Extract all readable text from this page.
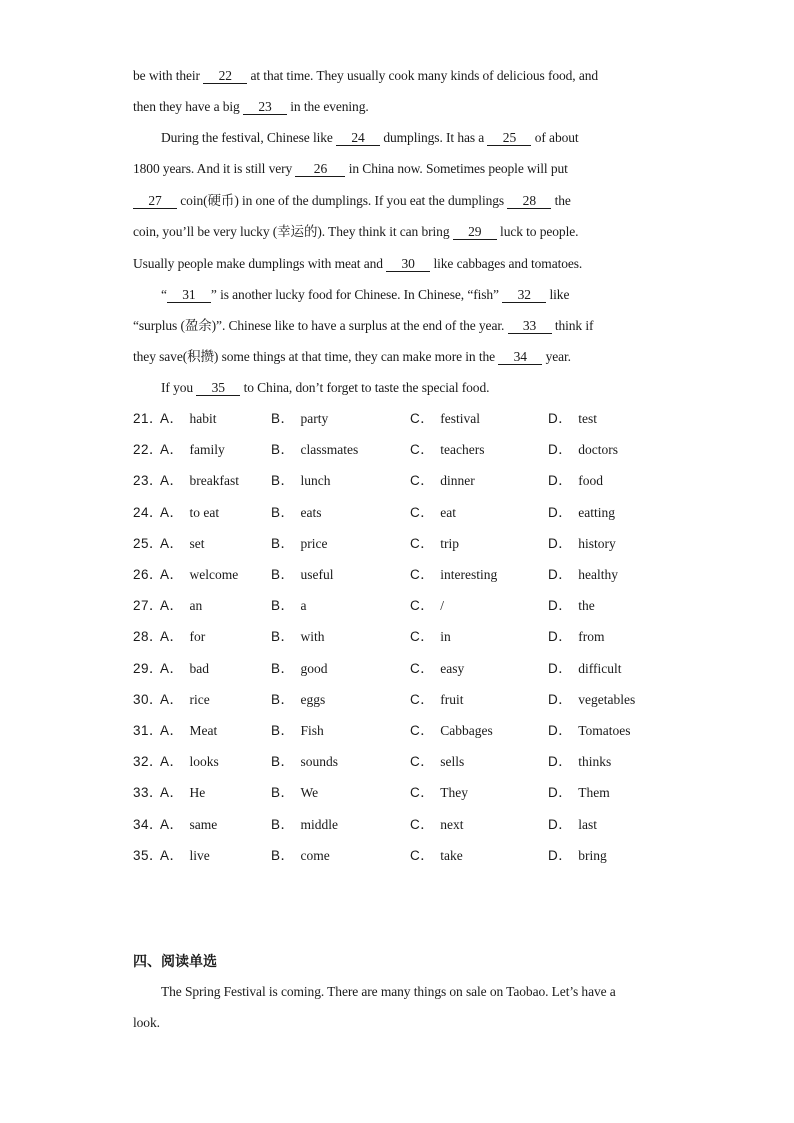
be with their 22 at that time. They usually cook many kinds of delicious food, and
then they have a big 23 in the evening.
During the festival, Chinese like 24 dumplings. It has a 25 of about
1800 years. And it is still very 26 in China now. Sometimes people will put
27 coin(硬币) in one of the dumplings. If you eat the dumplings 28 the
coin, you’ll be very lucky (幸运的). They think it can bring 29 luck to people.
Usually people make dumplings with meat and 30 like cabbages and tomatoes.
“ 31 ” is another lucky food for Chinese. In Chinese, “fish” 32 like
“surplus (盈余)”. Chinese like to have a surplus at the end of the year. 33 think if
they save(积攒) some things at that time, they can make more in the 34 year.
If you 35 to China, don’t forget to taste the special food.
21．
A． habit	B． party	C． festival	D． test
22．
A． family	B． classmates	C． teachers	D． doctors
23．
A． breakfast B． lunch	C． dinner	D． food
24．
A． to eat	B． eats	C． eat	D． eatting
25．
A． set	B． price	C． trip	D． history
26．
A． welcome B． useful	C． interesting	D． healthy
27．
A． an	B． a	C． /	D． the
28．
A． for	B． with	C． in	D． from
29．
A． bad	B． good	C． easy	D． difficult
30．
A． rice	B． eggs	C． fruit	D． vegetables
31．
A． Meat	B． Fish	C． Cabbages	D． Tomatoes
32．
A． looks	B． sounds	C． sells	D． thinks
33．
A． He	B． We	C． They	D． Them
34．
A． same	B． middle	C． next	D． last
35．
A． live	B． come	C． take	D． bring
四、阅读单选
The Spring Festival is coming. There are many things on sale on Taobao. Let’s have a
look.
